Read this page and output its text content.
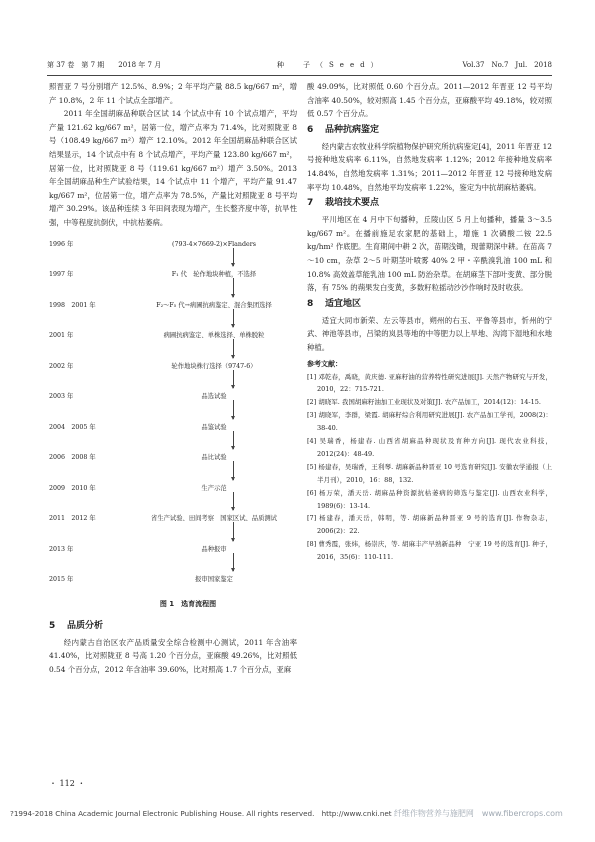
第 37 卷　第 7 期　　2018 年 7 月	种　子（Seed）	Vol.37　No.7　Jul.　2018

照晋亚 7 号分别增产 12.5%、8.9%；2 年平均产量 88.5 kg/667 m²，增产 10.8%，2 年 11 个试点全部增产。

2011 年全国胡麻品种联合区试 14 个试点中有 10 个试点增产，平均产量 121.62 kg/667 m²，居第一位，增产点率为 71.4%，比对照陇亚 8 号（108.49 kg/667 m²）增产 12.10%。2012 年全国胡麻品种联合区试结果显示，14 个试点中有 8 个试点增产，平均产量 123.80 kg/667 m²，居第一位，比对照陇亚 8 号（119.61 kg/667 m²）增产 3.50%。2013 年全国胡麻品种生产试验结果，14 个试点中 11 个增产，平均产量 91.47 kg/667 m²，位居第一位，增产点率为 78.5%，产量比对照陇亚 8 号平均增产 30.29%。该品种连续 3 年田间表现为增产，生长整齐度中等，抗旱性强，中等程度抗倒伏，中抗枯萎病。

1996 年	(793-4×7669-2)×Flanders
1997 年	F₁ 代　轮作地块种植，不选择
1998　2001 年	F₂～F₅ 代→病圃抗病鉴定、混合集团选择
2001 年	病圃抗病鉴定、单株选择、单株脱粒
2002 年	轮作地块株行选择（9747-6）
2003 年	品选试验
2004　2005 年	品鉴试验
2006　2008 年	品比试验
2009　2010 年	生产示范
2011　2012 年	省生产试验、田间考察　国家区试、品质测试
2013 年	品种报审
2015 年	报审国家鉴定
图 1　选育流程图
5 品质分析

经内蒙古自治区农产品质量安全综合检测中心测试，2011 年含油率 41.40%，比对照陇亚 8 号高 1.20 个百分点，亚麻酸 49.26%，比对照低 0.54 个百分点，2012 年含油率 39.60%，比对照高 1.7 个百分点，亚麻

酸 49.09%，比对照低 0.60 个百分点。2011—2012 年晋亚 12 号平均含油率 40.50%，较对照高 1.45 个百分点，亚麻酸平均 49.18%，较对照低 0.57 个百分点。

6 品种抗病鉴定

经内蒙古农牧业科学院植物保护研究所抗病鉴定[4]，2011 年晋亚 12 号接种地发病率 6.11%，自然地发病率 1.12%；2012 年接种地发病率 14.84%，自然地发病率 1.31%；2011—2012 年晋亚 12 号接种地发病率平均 10.48%，自然地平均发病率 1.22%，鉴定为中抗胡麻枯萎病。

7 栽培技术要点

平川地区在 4 月中下旬播种，丘陵山区 5 月上旬播种，播量 3～3.5 kg/667 m²。在播前施足农家肥的基础上，增施 1 次磷酸二铵 22.5 kg/hm² 作底肥。生育期间中耕 2 次，苗期浅锄，现蕾期深中耕。在苗高 7～10 cm，杂草 2～5 叶期茎叶喷雾 40% 2 甲・辛酰溴乳油 100 mL 和 10.8% 高效盖草能乳油 100 mL 防治杂草。在胡麻茎下部叶变黄、部分脱落，有 75% 的蒴果发白变黄，多数籽粒摇动沙沙作响时及时收获。

8 适宜地区

适宜大同市新荣、左云等县市，朔州的右玉、平鲁等县市，忻州的宁武、神池等县市，吕梁的岚县等地的中等肥力以上旱地、沟湾下湿地和水地种植。

参考文献：
[1] 邓乾春，禹晓，黄庆德. 亚麻籽油的营养特性研究进展[J]. 天然产物研究与开发，2010，22：715-721.
[2] 胡晓军. 我国胡麻籽油加工业现状及对策[J]. 农产品加工，2014(12)：14-15.
[3] 胡晓军，李群，梁霞. 胡麻籽综合利用研究进展[J]. 农产品加工学刊，2008(2)：38-40.
[4] 吴瑞香，杨建春. 山西省胡麻品种现状及育种方向[J]. 现代农业科技，2012(24)：48-49.
[5] 杨建春，吴瑞香，王利琴. 胡麻新品种晋亚 10 号选育研究[J]. 安徽农学通报（上半月刊），2010，16：88，132.
[6] 杨万荣，潘天岳. 胡麻品种资源抗枯萎病的筛选与鉴定[J]. 山西农业科学，1989(6)：13-14.
[7] 杨建春，潘天岳，韩明，等. 胡麻新品种晋亚 9 号的选育[J]. 作物杂志，2006(2)：22.
[8] 曹秀霞，张炜，杨崇庆，等. 胡麻丰产早熟新品种　宁亚 19 号的选育[J]. 种子，2016，35(6)：110-111.
・ 112 ・
?1994-2018 China Academic Journal Electronic Publishing House. All rights reserved.　http://www.cnki.net 纤维作物营养与施肥网　www.fibercrops.com
